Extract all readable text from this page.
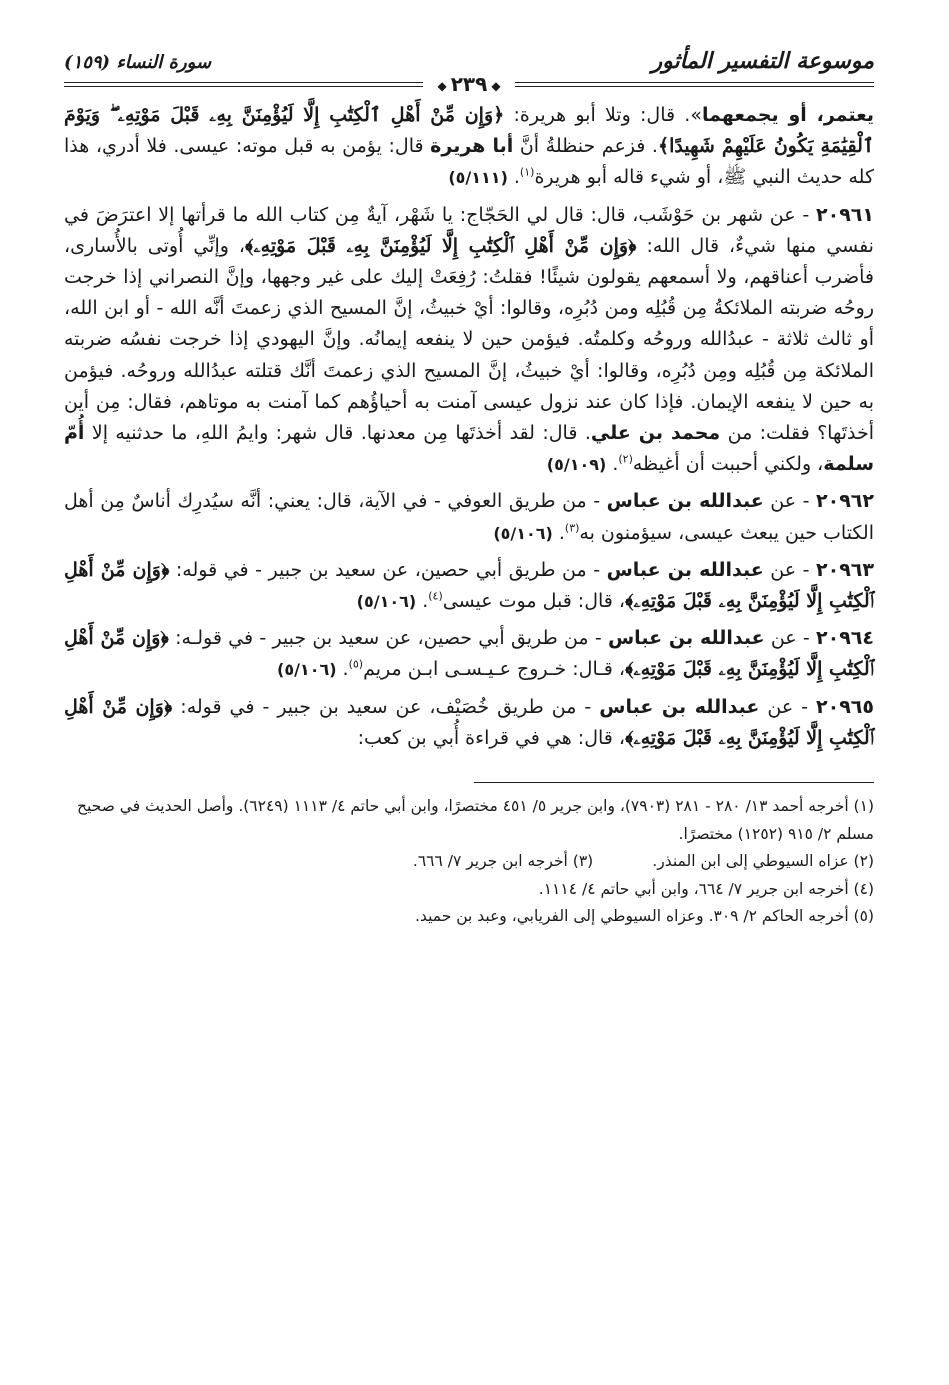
موسوعة التفسير المأثور
سورة النساء (١٥٩)
◆٢٣٩◆

يعتمر، أو يجمعهما». قال: وتلا أبو هريرة: ﴿وَإِن مِّنْ أَهْلِ ٱلْكِتَٰبِ إِلَّا لَيُؤْمِنَنَّ بِهِۦ قَبْلَ مَوْتِهِۦ ۖ وَيَوْمَ ٱلْقِيَٰمَةِ يَكُونُ عَلَيْهِمْ شَهِيدًا﴾. فزعم حنظلةُ أنَّ أبا هريرة قال: يؤمن به قبل موته: عيسى. فلا أدري، هذا كله حديث النبي ﷺ، أو شيء قاله أبو هريرة$^{(١)}$.(٥/١١١)

٢٠٩٦١ - عن شهر بن حَوْشَب، قال: قال لي الحَجّاج: يا شَهْر، آيةٌ مِن كتاب الله ما قرأتها إلا اعترَضَ في نفسي منها شيءٌ، قال الله: ﴿وَإِن مِّنْ أَهْلِ ٱلْكِتَٰبِ إِلَّا لَيُؤْمِنَنَّ بِهِۦ قَبْلَ مَوْتِهِۦ﴾، وإنِّي أُوتى بالأُسارى، فأضرب أعناقهم، ولا أسمعهم يقولون شيئًا! فقلتُ: رُفِعَتْ إليك على غير وجهها، وإنَّ النصراني إذا خرجت روحُه ضربته الملائكةُ مِن قُبُلِه ومن دُبُرِه، وقالوا: أيْ خبيثُ، إنَّ المسيح الذي زعمتَ أنَّه الله - أو ابن الله، أو ثالث ثلاثة - عبدُالله وروحُه وكلمتُه. فيؤمن حين لا ينفعه إيمانُه. وإنَّ اليهودي إذا خرجت نفسُه ضربته الملائكة مِن قُبُلِه ومِن دُبُرِه، وقالوا: أيْ خبيثُ، إنَّ المسيح الذي زعمتَ أنَّك قتلته عبدُالله وروحُه. فيؤمن به حين لا ينفعه الإيمان. فإذا كان عند نزول عيسى آمنت به أحياؤُهم كما آمنت به موتاهم، فقال: مِن أين أخذتَها؟ فقلت: من محمد بن علي. قال: لقد أخذتَها مِن معدنها. قال شهر: وايمُ اللهِ، ما حدثنيه إلا أُمّ سلمة، ولكني أحببت أن أغيظه$^{(٢)}$.(٥/١٠٩)

٢٠٩٦٢ - عن عبدالله بن عباس - من طريق العوفي - في الآية، قال: يعني: أنَّه سيُدرِك أناسٌ مِن أهل الكتاب حين يبعث عيسى، سيؤمنون به$^{(٣)}$.(٥/١٠٦)

٢٠٩٦٣ - عن عبدالله بن عباس - من طريق أبي حصين، عن سعيد بن جبير - في قوله: ﴿وَإِن مِّنْ أَهْلِ ٱلْكِتَٰبِ إِلَّا لَيُؤْمِنَنَّ بِهِۦ قَبْلَ مَوْتِهِۦ﴾، قال: قبل موت عيسى$^{(٤)}$.(٥/١٠٦)

٢٠٩٦٤ - عن عبدالله بن عباس - من طريق أبي حصين، عن سعيد بن جبير - في قولـه: ﴿وَإِن مِّنْ أَهْلِ ٱلْكِتَٰبِ إِلَّا لَيُؤْمِنَنَّ بِهِۦ قَبْلَ مَوْتِهِۦ﴾، قـال: خـروج عـيـسـى ابـن مريم$^{(٥)}$.(٥/١٠٦)

٢٠٩٦٥ - عن عبدالله بن عباس - من طريق خُصَيْف، عن سعيد بن جبير - في قوله: ﴿وَإِن مِّنْ أَهْلِ ٱلْكِتَٰبِ إِلَّا لَيُؤْمِنَنَّ بِهِۦ قَبْلَ مَوْتِهِۦ﴾، قال: هي في قراءة أُبي بن كعب:

(١) أخرجه أحمد ١٣/ ٢٨٠ - ٢٨١ (٧٩٠٣)، وابن جرير ٥/ ٤٥١ مختصرًا، وابن أبي حاتم ٤/ ١١١٣ (٦٢٤٩). وأصل الحديث في صحيح مسلم ٢/ ٩١٥ (١٢٥٢) مختصرًا.

(٢) عزاه السيوطي إلى ابن المنذر.            (٣) أخرجه ابن جرير ٧/ ٦٦٦.

(٤) أخرجه ابن جرير ٧/ ٦٦٤، وابن أبي حاتم ٤/ ١١١٤.

(٥) أخرجه الحاكم ٢/ ٣٠٩. وعزاه السيوطي إلى الفريابي، وعبد بن حميد.
